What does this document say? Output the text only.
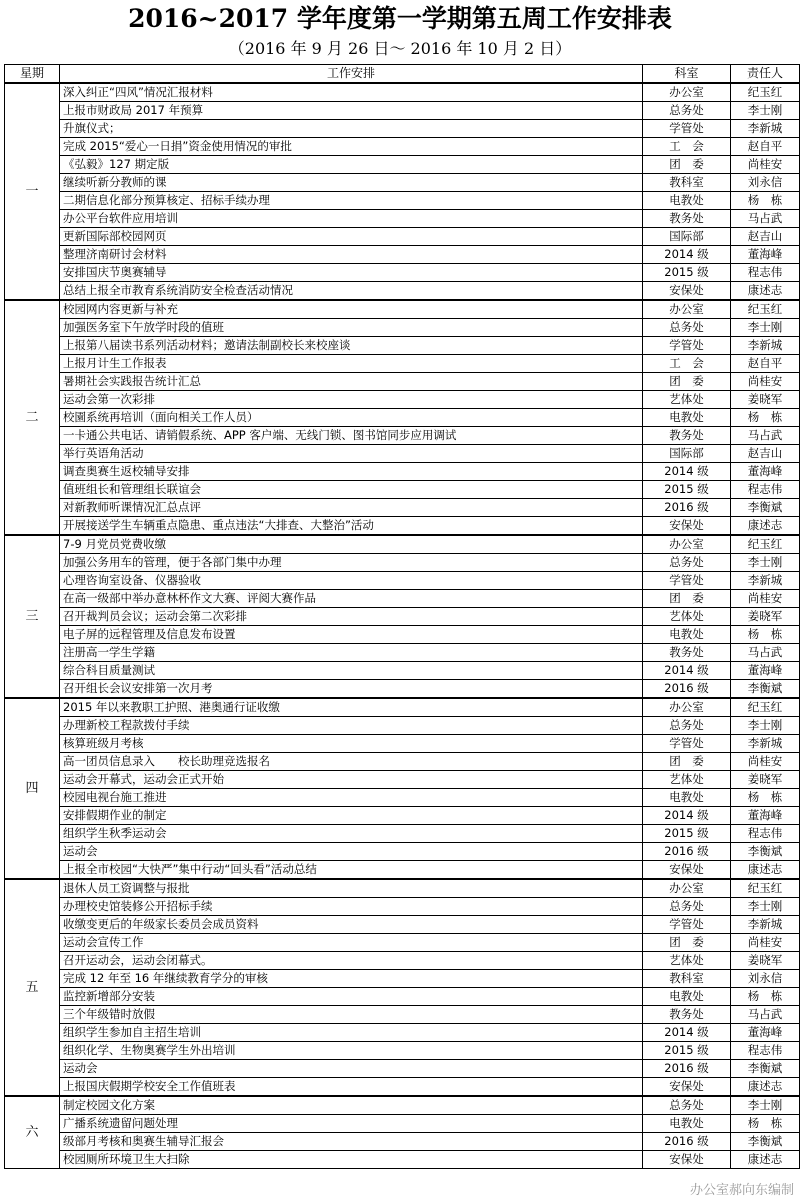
2016~2017 学年度第一学期第五周工作安排表
（2016 年 9 月 26 日～ 2016 年 10 月 2 日）
星期	工作安排	科室	责任人
一	深入纠正“四风”情况汇报材料	办公室	纪玉红
	上报市财政局 2017 年预算	总务处	李士刚
	升旗仪式；	学管处	李新城
	完成 2015“爱心一日捐”资金使用情况的审批	工　会	赵自平
	《弘毅》127 期定版	团　委	尚桂安
	继续听新分教师的课	教科室	刘永信
	二期信息化部分预算核定、招标手续办理	电教处	杨　栋
	办公平台软件应用培训	教务处	马占武
	更新国际部校园网页	国际部	赵吉山
	整理济南研讨会材料	2014 级	董海峰
	安排国庆节奥赛辅导	2015 级	程志伟
	总结上报全市教育系统消防安全检查活动情况	安保处	康述志
二	校园网内容更新与补充	办公室	纪玉红
	加强医务室下午放学时段的值班	总务处	李士刚
	上报第八届读书系列活动材料；邀请法制副校长来校座谈	学管处	李新城
	上报月计生工作报表	工　会	赵自平
	暑期社会实践报告统计汇总	团　委	尚桂安
	运动会第一次彩排	艺体处	姜晓军
	校園系统再培训（面向相关工作人员）	电教处	杨　栋
	一卡通公共电话、请销假系统、APP 客户端、无线门锁、图书馆同步应用调试	教务处	马占武
	举行英语角活动	国际部	赵吉山
	调查奥赛生返校辅导安排	2014 级	董海峰
	值班组长和管理组长联谊会	2015 级	程志伟
	对新教师听课情况汇总点评	2016 级	李衡斌
	开展接送学生车辆重点隐患、重点违法“大排查、大整治”活动	安保处	康述志
三	7-9 月党员党费收缴	办公室	纪玉红
	加强公务用车的管理，便于各部门集中办理	总务处	李士刚
	心理咨询室设备、仪器验收	学管处	李新城
	在高一级部中举办意林杯作文大赛、评阅大赛作品	团　委	尚桂安
	召开裁判员会议；运动会第二次彩排	艺体处	姜晓军
	电子屏的远程管理及信息发布设置	电教处	杨　栋
	注册高一学生学籍	教务处	马占武
	综合科目质量测试	2014 级	董海峰
	召开组长会议安排第一次月考	2016 级	李衡斌
四	2015 年以来教职工护照、港奥通行证收缴	办公室	纪玉红
	办理新校工程款拨付手续	总务处	李士刚
	核算班级月考核	学管处	李新城
	高一团员信息录入　　校长助理竞选报名	团　委	尚桂安
	运动会开幕式，运动会正式开始	艺体处	姜晓军
	校园电视台施工推进	电教处	杨　栋
	安排假期作业的制定	2014 级	董海峰
	组织学生秋季运动会	2015 级	程志伟
	运动会	2016 级	李衡斌
	上报全市校园“大快严”集中行动“回头看”活动总结	安保处	康述志
五	退休人员工资调整与报批	办公室	纪玉红
	办理校史馆装修公开招标手续	总务处	李士刚
	收缴变更后的年级家长委员会成员资料	学管处	李新城
	运动会宣传工作	团　委	尚桂安
	召开运动会，运动会闭幕式。	艺体处	姜晓军
	完成 12 年至 16 年继续教育学分的审核	教科室	刘永信
	监控新增部分安装	电教处	杨　栋
	三个年级错时放假	教务处	马占武
	组织学生参加自主招生培训	2014 级	董海峰
	组织化学、生物奥赛学生外出培训	2015 级	程志伟
	运动会	2016 级	李衡斌
	上报国庆假期学校安全工作值班表	安保处	康述志
六	制定校园文化方案	总务处	李士刚
	广播系统遗留问题处理	电教处	杨　栋
	级部月考核和奥赛生辅导汇报会	2016 级	李衡斌
	校园厕所环境卫生大扫除	安保处	康述志
办公室郝向东编制
